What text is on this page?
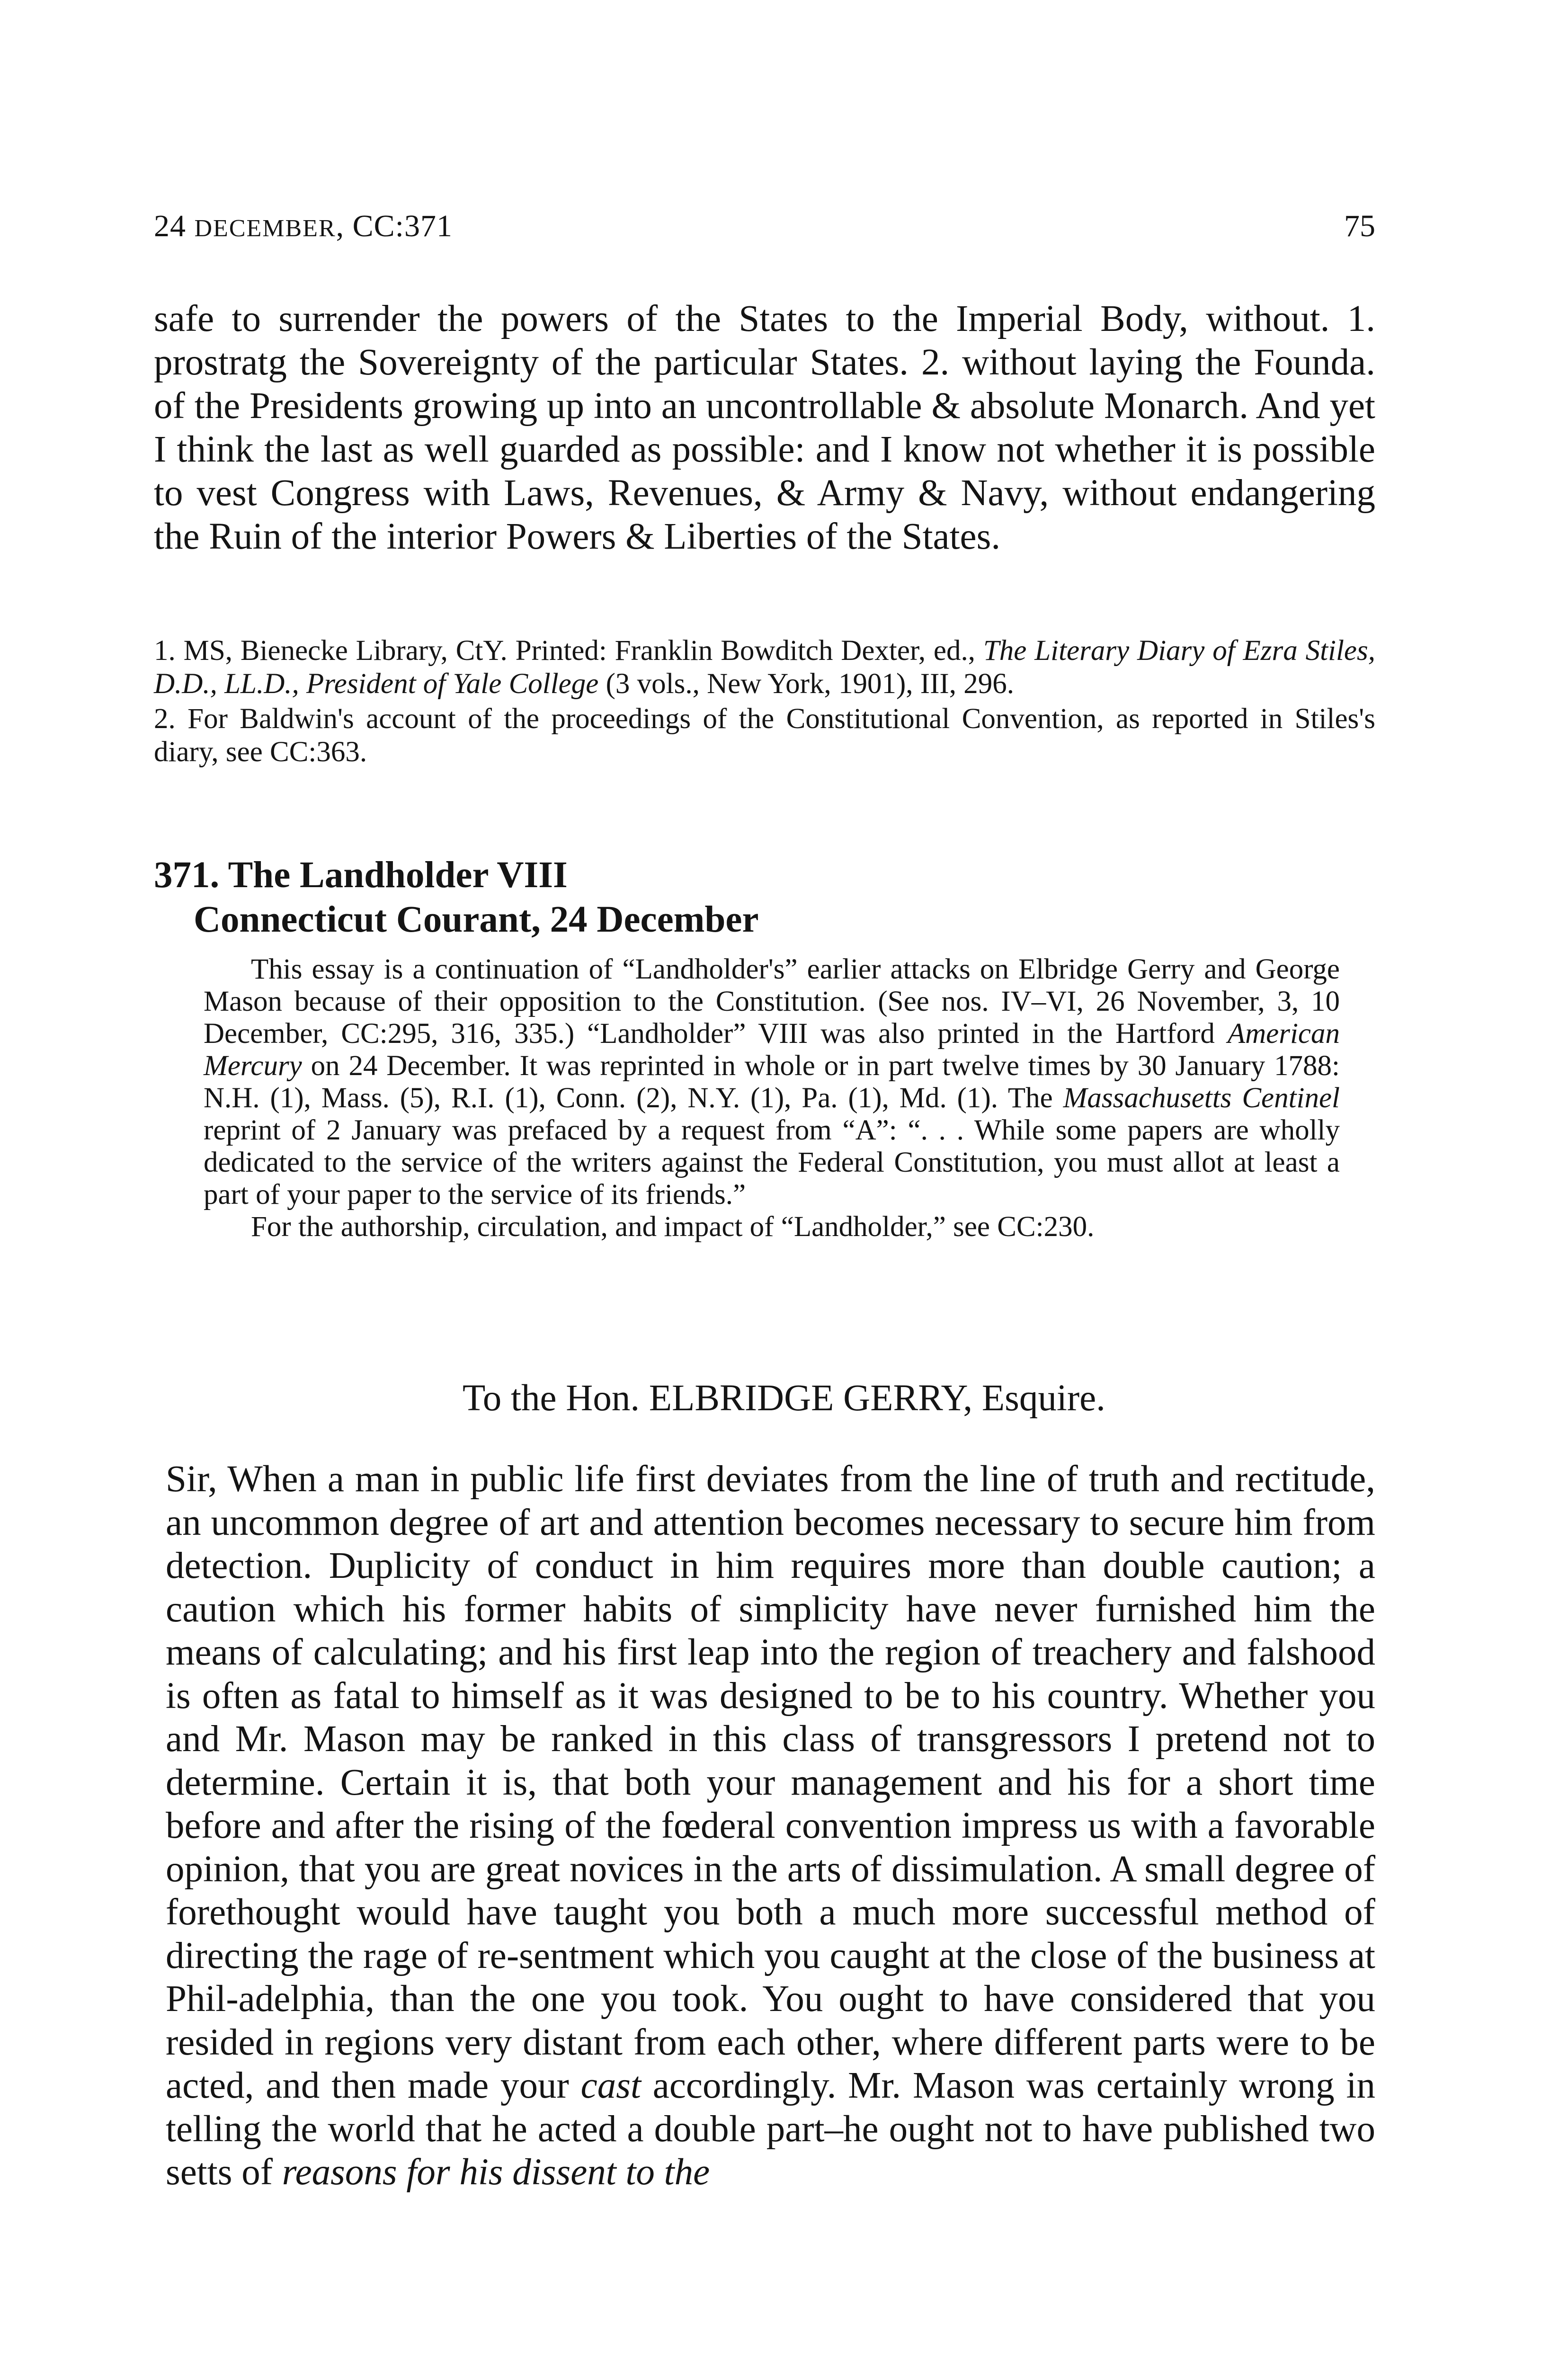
24 DECEMBER, CC:371	75

safe to surrender the powers of the States to the Imperial Body, without. 1. prostratg the Sovereignty of the particular States. 2. without laying the Founda. of the Presidents growing up into an uncontrollable & absolute Monarch. And yet I think the last as well guarded as possible: and I know not whether it is possible to vest Congress with Laws, Revenues, & Army & Navy, without endangering the Ruin of the interior Powers & Liberties of the States.

1. MS, Bienecke Library, CtY. Printed: Franklin Bowditch Dexter, ed., The Literary Diary of Ezra Stiles, D.D., LL.D., President of Yale College (3 vols., New York, 1901), III, 296.

2. For Baldwin's account of the proceedings of the Constitutional Convention, as reported in Stiles's diary, see CC:363.

371. The Landholder VIII

Connecticut Courant, 24 December

This essay is a continuation of “Landholder's” earlier attacks on Elbridge Gerry and George Mason because of their opposition to the Constitution. (See nos. IV–VI, 26 November, 3, 10 December, CC:295, 316, 335.) “Landholder” VIII was also printed in the Hartford American Mercury on 24 December. It was reprinted in whole or in part twelve times by 30 January 1788: N.H. (1), Mass. (5), R.I. (1), Conn. (2), N.Y. (1), Pa. (1), Md. (1). The Massachusetts Centinel reprint of 2 January was prefaced by a request from “A”: “. . . While some papers are wholly dedicated to the service of the writers against the Federal Constitution, you must allot at least a part of your paper to the service of its friends.”

For the authorship, circulation, and impact of “Landholder,” see CC:230.

To the Hon. ELBRIDGE GERRY, Esquire.

Sir, When a man in public life first deviates from the line of truth and rectitude, an uncommon degree of art and attention becomes necessary to secure him from detection. Duplicity of conduct in him requires more than double caution; a caution which his former habits of simplicity have never furnished him the means of calculating; and his first leap into the region of treachery and falshood is often as fatal to himself as it was designed to be to his country. Whether you and Mr. Mason may be ranked in this class of transgressors I pretend not to determine. Certain it is, that both your management and his for a short time before and after the rising of the fœderal convention impress us with a favorable opinion, that you are great novices in the arts of dissimulation. A small degree of forethought would have taught you both a much more successful method of directing the rage of re-sentment which you caught at the close of the business at Phil-adelphia, than the one you took. You ought to have considered that you resided in regions very distant from each other, where different parts were to be acted, and then made your cast accordingly. Mr. Mason was certainly wrong in telling the world that he acted a double part–he ought not to have published two setts of reasons for his dissent to the
